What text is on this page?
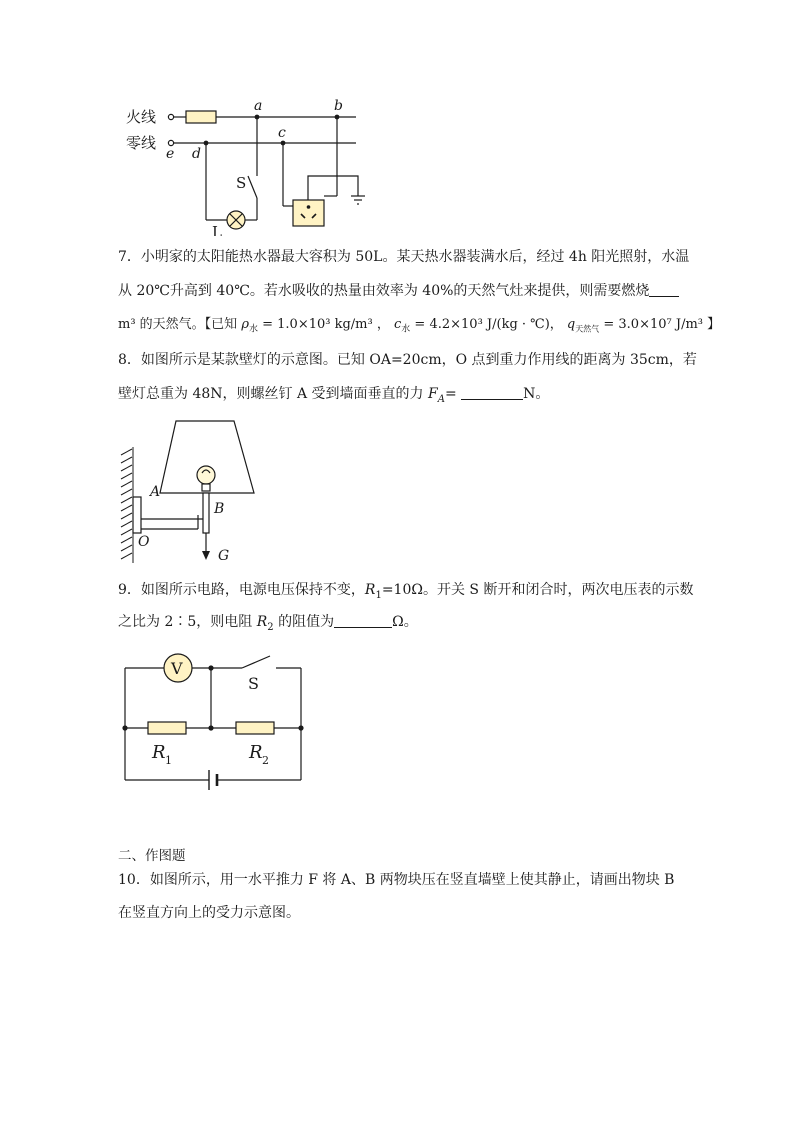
火线
零线
a	b
c
d
e
S
L
7．小明家的太阳能热水器最大容积为 50L。某天热水器装满水后，经过 4h 阳光照射，水温
从 20℃升高到 40℃。若水吸收的热量由效率为 40%的天然气灶来提供，则需要燃烧
m³ 的天然气。【已知 $\rho_水 = 1.0\times 10^3$ kg/m³ ， $c_水 = 4.2\times 10^3$ J/(kg · ℃)， $q_{天然气} = 3.0\times 10^7$ J/m³ 】
8．如图所示是某款壁灯的示意图。已知 OA=20cm，O 点到重力作用线的距离为 35cm，若
壁灯总重为 48N，则螺丝钉 A 受到墙面垂直的力 $F_A=$	N。
A
B
O
G
9．如图所示电路，电源电压保持不变，$R_1=10\Omega$。开关 S 断开和闭合时，两次电压表的示数
之比为 2∶5，则电阻 $R_2$ 的阻值为	Ω。
V
S
R 1	R 2
二、作图题
10．如图所示，用一水平推力 F 将 A、B 两物块压在竖直墙壁上使其静止，请画出物块 B
在竖直方向上的受力示意图。
